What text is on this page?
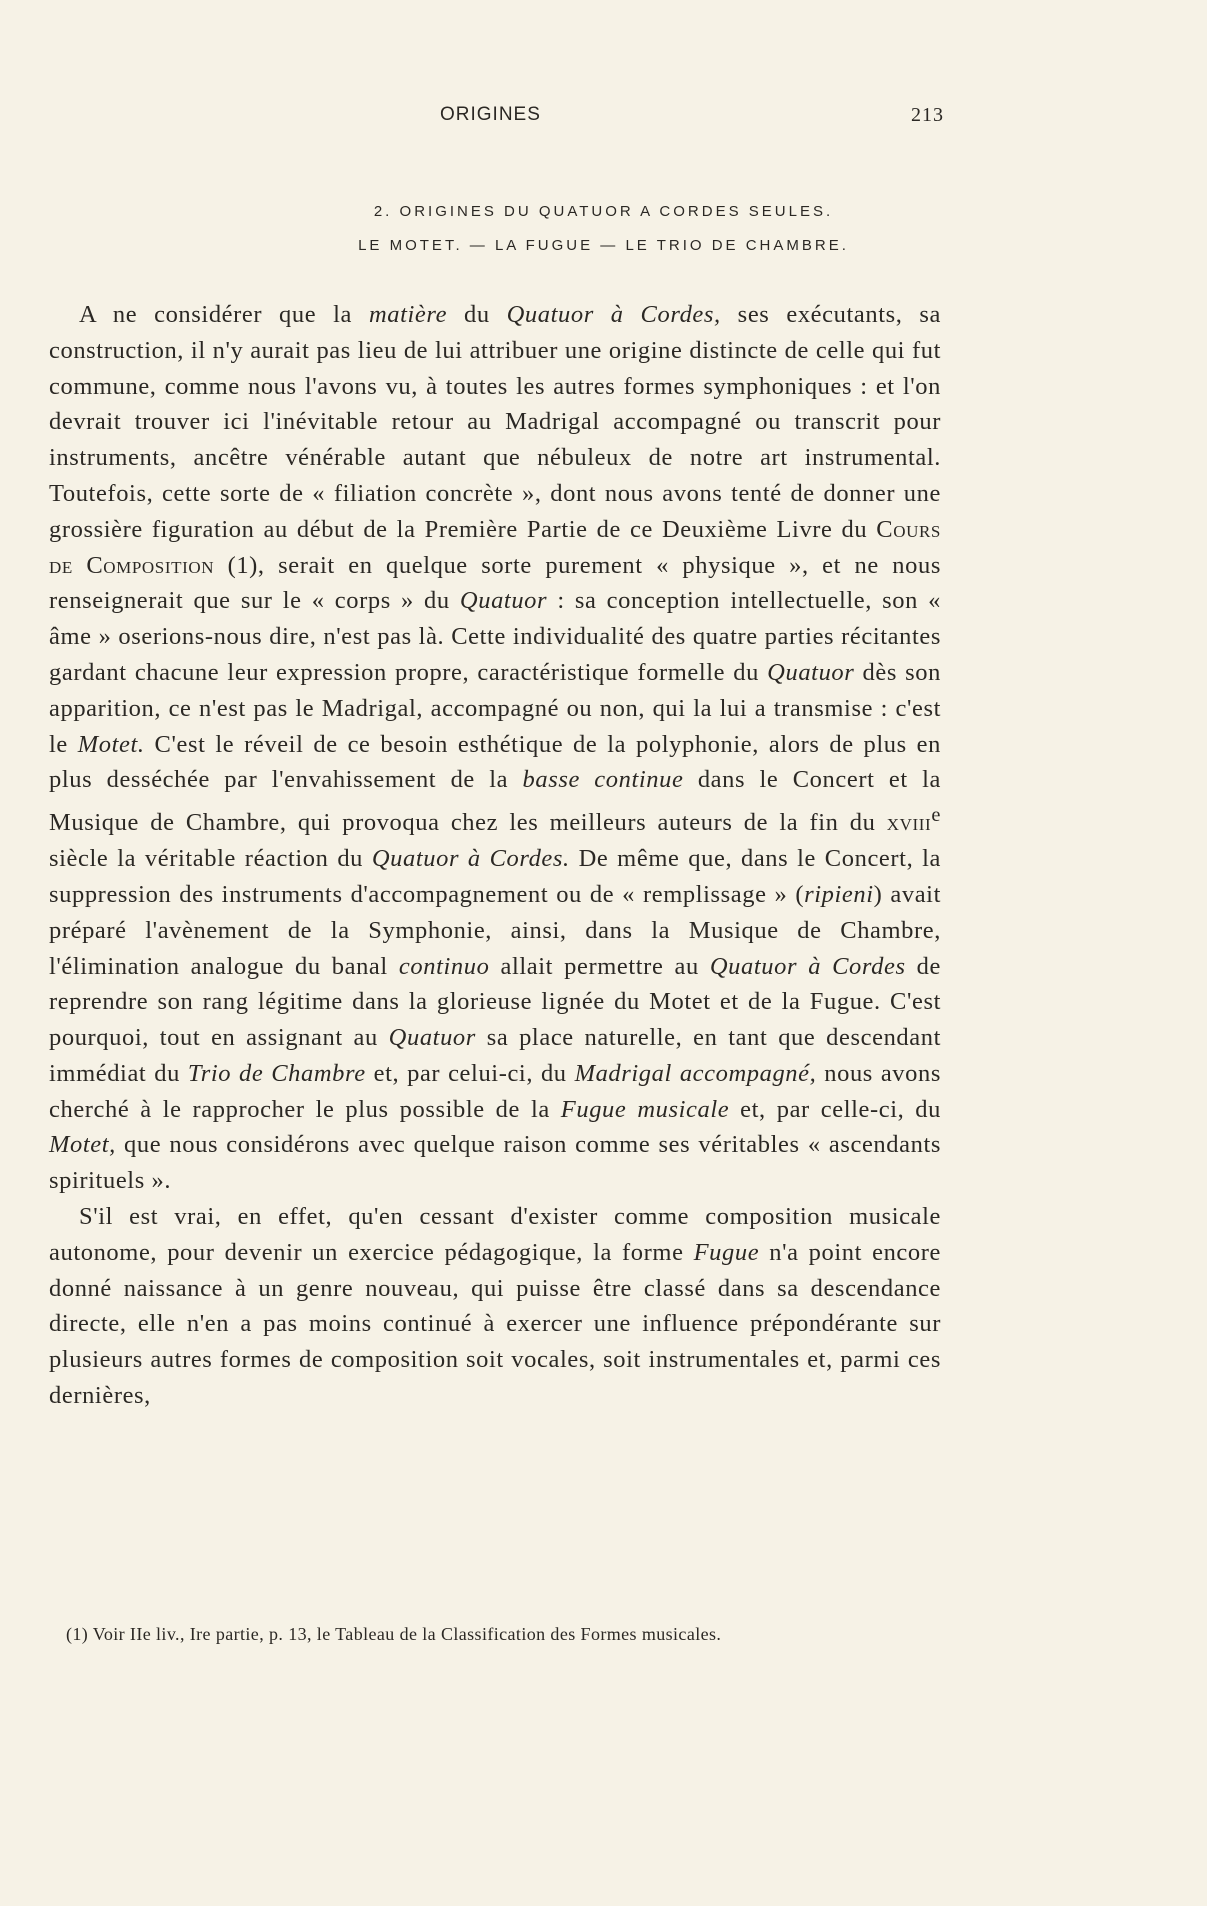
ORIGINES	213
2. ORIGINES DU QUATUOR A CORDES SEULES.
LE MOTET. — LA FUGUE — LE TRIO DE CHAMBRE.

A ne considérer que la matière du Quatuor à Cordes, ses exécutants, sa construction, il n'y aurait pas lieu de lui attribuer une origine distincte de celle qui fut commune, comme nous l'avons vu, à toutes les autres formes symphoniques : et l'on devrait trouver ici l'inévitable retour au Madrigal accompagné ou transcrit pour instruments, ancêtre vénérable autant que nébuleux de notre art instrumental. Toutefois, cette sorte de « filiation concrète », dont nous avons tenté de donner une grossière figuration au début de la Première Partie de ce Deuxième Livre du Cours de Composition (1), serait en quelque sorte purement « physique », et ne nous renseignerait que sur le « corps » du Quatuor : sa conception intellectuelle, son « âme » oserions-nous dire, n'est pas là. Cette individualité des quatre parties récitantes gardant chacune leur expression propre, caractéristique formelle du Quatuor dès son apparition, ce n'est pas le Madrigal, accompagné ou non, qui la lui a transmise : c'est le Motet. C'est le réveil de ce besoin esthétique de la polyphonie, alors de plus en plus desséchée par l'envahissement de la basse continue dans le Concert et la Musique de Chambre, qui provoqua chez les meilleurs auteurs de la fin du xviii$^e$ siècle la véritable réaction du Quatuor à Cordes. De même que, dans le Concert, la suppression des instruments d'accompagnement ou de « remplissage » (ripieni) avait préparé l'avènement de la Symphonie, ainsi, dans la Musique de Chambre, l'élimination analogue du banal continuo allait permettre au Quatuor à Cordes de reprendre son rang légitime dans la glorieuse lignée du Motet et de la Fugue. C'est pourquoi, tout en assignant au Quatuor sa place naturelle, en tant que descendant immédiat du Trio de Chambre et, par celui-ci, du Madrigal accompagné, nous avons cherché à le rapprocher le plus possible de la Fugue musicale et, par celle-ci, du Motet, que nous considérons avec quelque raison comme ses véritables « ascendants spirituels ».

S'il est vrai, en effet, qu'en cessant d'exister comme composition musicale autonome, pour devenir un exercice pédagogique, la forme Fugue n'a point encore donné naissance à un genre nouveau, qui puisse être classé dans sa descendance directe, elle n'en a pas moins continué à exercer une influence prépondérante sur plusieurs autres formes de composition soit vocales, soit instrumentales et, parmi ces dernières,

(1) Voir IIe liv., Ire partie, p. 13, le Tableau de la Classification des Formes musicales.
